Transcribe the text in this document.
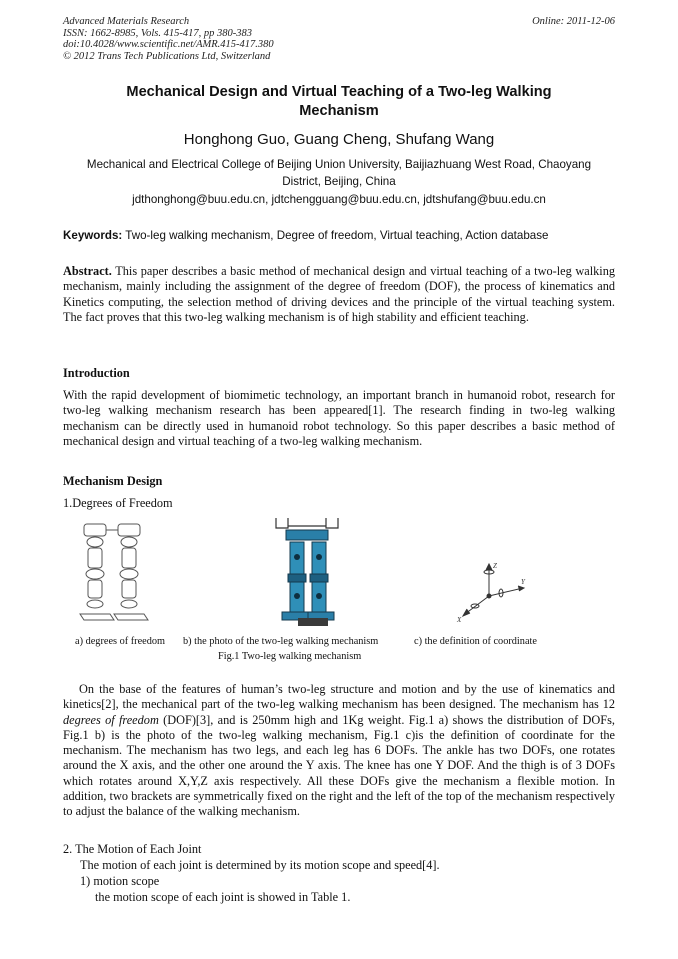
Advanced Materials Research
ISSN: 1662-8985, Vols. 415-417, pp 380-383
doi:10.4028/www.scientific.net/AMR.415-417.380
© 2012 Trans Tech Publications Ltd, Switzerland
Online: 2011-12-06
Mechanical Design and Virtual Teaching of a Two-leg Walking
Mechanism
Honghong Guo, Guang Cheng, Shufang Wang
Mechanical and Electrical College of Beijing Union University, Baijiazhuang West Road, Chaoyang
District, Beijing, China
jdthonghong@buu.edu.cn, jdtchengguang@buu.edu.cn, jdtshufang@buu.edu.cn
Keywords: Two-leg walking mechanism, Degree of freedom, Virtual teaching, Action database
Abstract. This paper describes a basic method of mechanical design and virtual teaching of a two-leg walking mechanism, mainly including the assignment of the degree of freedom (DOF), the process of kinematics and Kinetics computing, the selection method of driving devices and the principle of the virtual teaching system. The fact proves that this two-leg walking mechanism is of high stability and efficient teaching.
Introduction
With the rapid development of biomimetic technology, an important branch in humanoid robot, research for two-leg walking mechanism research has been appeared[1]. The research finding in two-leg walking mechanism can be directly used in humanoid robot technology. So this paper describes a basic method of mechanical design and virtual teaching of a two-leg walking mechanism.
Mechanism Design
1.Degrees of Freedom
Z
Y
X
a) degrees of freedom b) the photo of the two-leg walking mechanism	c) the definition of coordinate
Fig.1 Two-leg walking mechanism
On the base of the features of human’s two-leg structure and motion and by the use of kinematics and kinetics[2], the mechanical part of the two-leg walking mechanism has been designed. The mechanism has 12 degrees of freedom (DOF)[3], and is 250mm high and 1Kg weight. Fig.1 a) shows the distribution of DOFs, Fig.1 b) is the photo of the two-leg walking mechanism, Fig.1 c)is the definition of coordinate for the mechanism. The mechanism has two legs, and each leg has 6 DOFs. The ankle has two DOFs, one rotates around the X axis, and the other one around the Y axis. The knee has one Y DOF. And the thigh is of 3 DOFs which rotates around X,Y,Z axis respectively. All these DOFs give the mechanism a flexible motion. In addition, two brackets are symmetrically fixed on the right and the left of the top of the mechanism respectively to adjust the balance of the walking mechanism.
2. The Motion of Each Joint
The motion of each joint is determined by its motion scope and speed[4].
1) motion scope
the motion scope of each joint is showed in Table 1.
